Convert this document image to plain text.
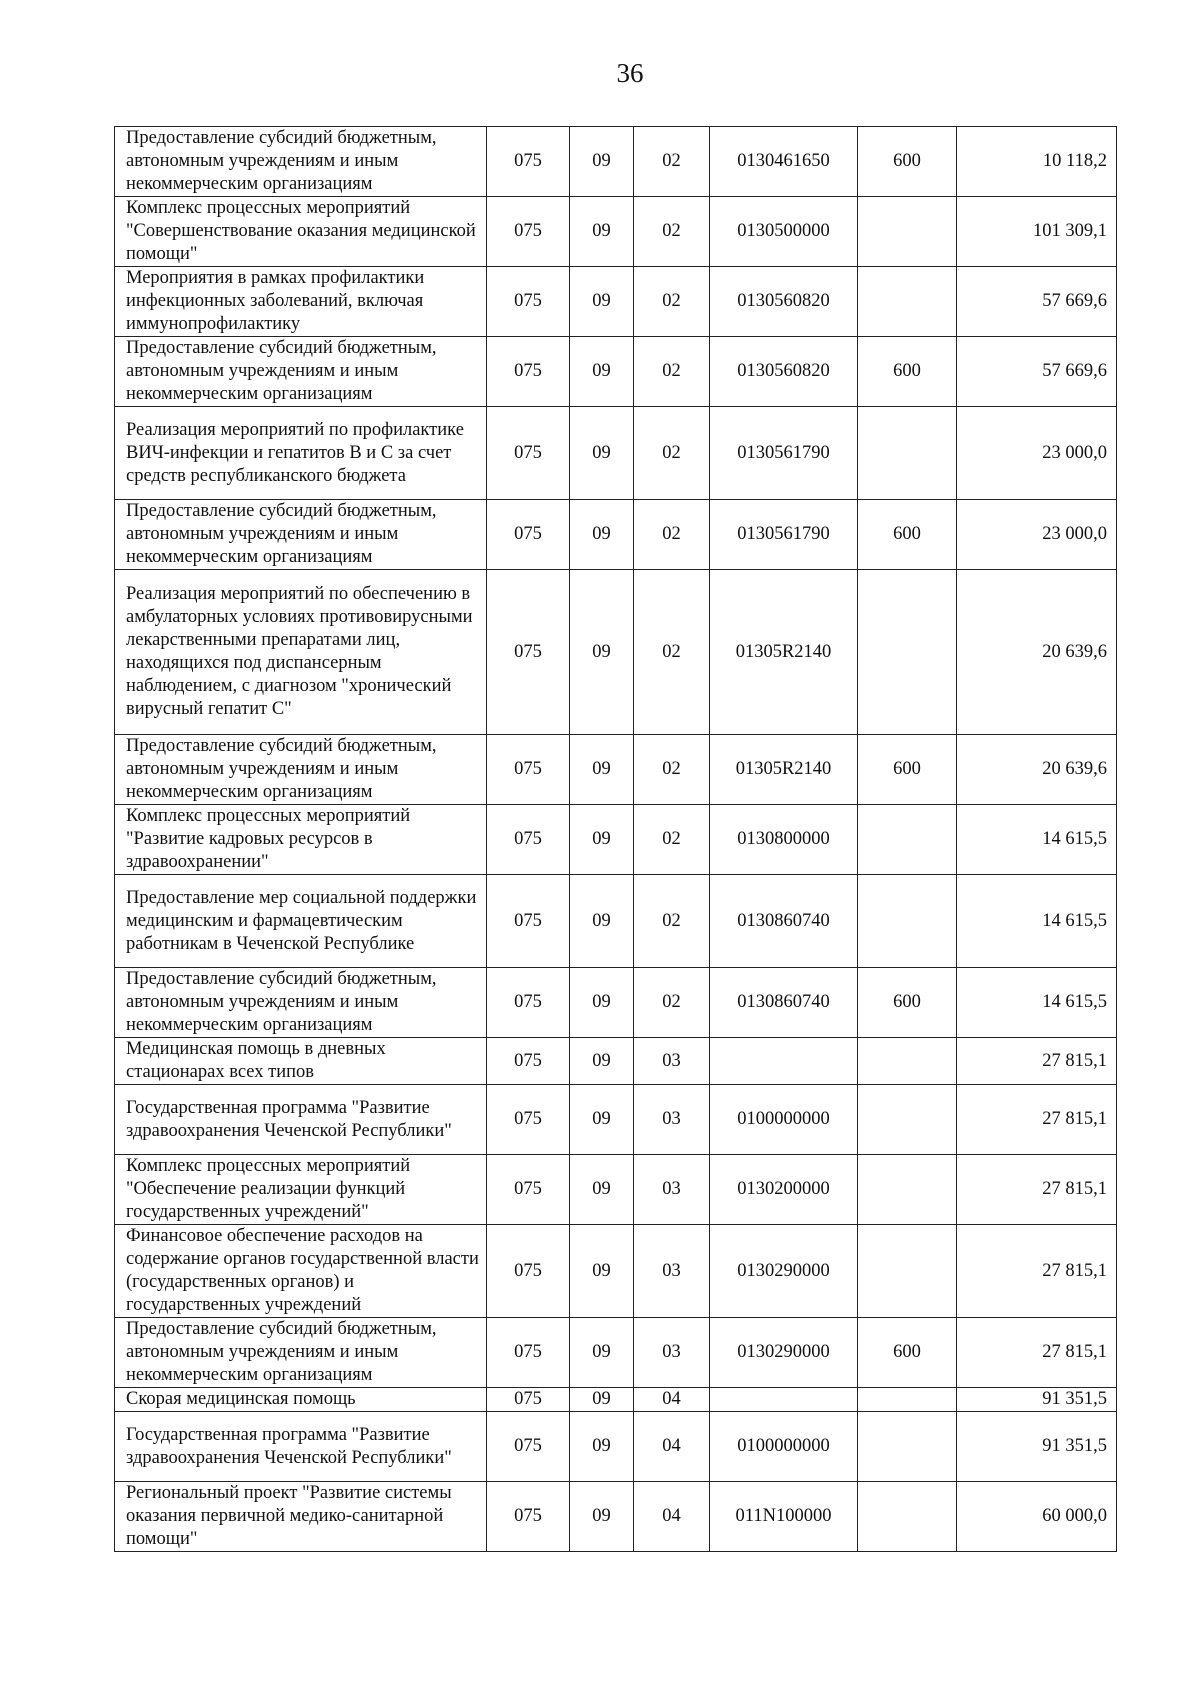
36
Предоставление субсидий бюджетным, автономным учреждениям и иным некоммерческим организациям	075	09	02	0130461650	600	10 118,2
Комплекс процессных мероприятий "Совершенствование оказания медицинской помощи"	075	09	02	0130500000		101 309,1
Мероприятия в рамках профилактики инфекционных заболеваний, включая иммунопрофилактику	075	09	02	0130560820		57 669,6
Предоставление субсидий бюджетным, автономным учреждениям и иным некоммерческим организациям	075	09	02	0130560820	600	57 669,6
Реализация мероприятий по профилактике ВИЧ-инфекции и гепатитов В и С за счет средств республиканского бюджета	075	09	02	0130561790		23 000,0
Предоставление субсидий бюджетным, автономным учреждениям и иным некоммерческим организациям	075	09	02	0130561790	600	23 000,0
Реализация мероприятий по обеспечению в амбулаторных условиях противовирусными лекарственными препаратами лиц, находящихся под диспансерным наблюдением, с диагнозом "хронический вирусный гепатит С"	075	09	02	01305R2140		20 639,6
Предоставление субсидий бюджетным, автономным учреждениям и иным некоммерческим организациям	075	09	02	01305R2140	600	20 639,6
Комплекс процессных мероприятий "Развитие кадровых ресурсов в здравоохранении"	075	09	02	0130800000		14 615,5
Предоставление мер социальной поддержки медицинским и фармацевтическим работникам в Чеченской Республике	075	09	02	0130860740		14 615,5
Предоставление субсидий бюджетным, автономным учреждениям и иным некоммерческим организациям	075	09	02	0130860740	600	14 615,5
Медицинская помощь в дневных стационарах всех типов	075	09	03			27 815,1
Государственная программа "Развитие здравоохранения Чеченской Республики"	075	09	03	0100000000		27 815,1
Комплекс процессных мероприятий "Обеспечение реализации функций государственных учреждений"	075	09	03	0130200000		27 815,1
Финансовое обеспечение расходов на содержание органов государственной власти (государственных органов) и государственных учреждений	075	09	03	0130290000		27 815,1
Предоставление субсидий бюджетным, автономным учреждениям и иным некоммерческим организациям	075	09	03	0130290000	600	27 815,1
Скорая медицинская помощь	075	09	04			91 351,5
Государственная программа "Развитие здравоохранения Чеченской Республики"	075	09	04	0100000000		91 351,5
Региональный проект "Развитие системы оказания первичной медико-санитарной помощи"	075	09	04	011N100000		60 000,0
